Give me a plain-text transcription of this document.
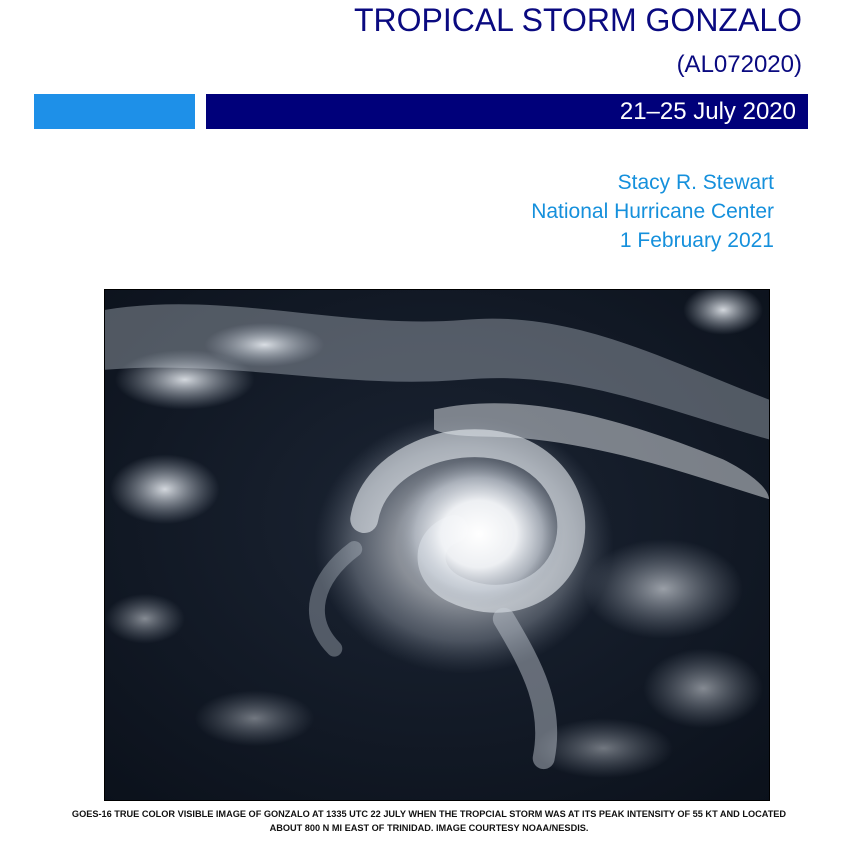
TROPICAL STORM GONZALO
(AL072020)
21–25 July 2020
Stacy R. Stewart
National Hurricane Center
1 February 2021
GOES-16 TRUE COLOR VISIBLE IMAGE OF GONZALO AT 1335 UTC 22 JULY WHEN THE TROPCIAL STORM WAS AT ITS PEAK INTENSITY OF 55 KT AND LOCATED ABOUT 800 N MI EAST OF TRINIDAD. IMAGE COURTESY NOAA/NESDIS.
